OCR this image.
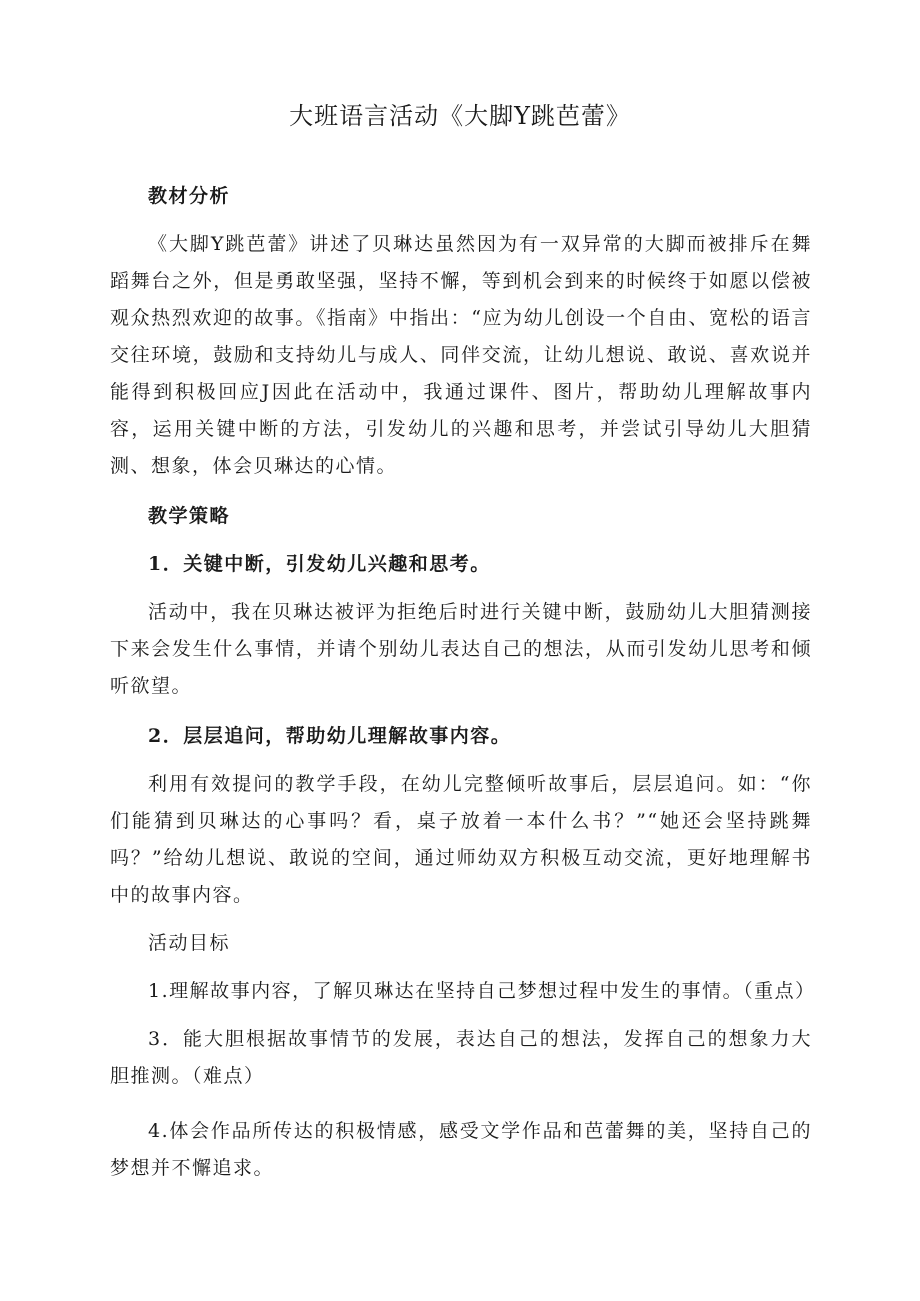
大班语言活动《大脚Y跳芭蕾》

教材分析

《大脚Y跳芭蕾》讲述了贝琳达虽然因为有一双异常的大脚而被排斥在舞蹈舞台之外，但是勇敢坚强，坚持不懈，等到机会到来的时候终于如愿以偿被观众热烈欢迎的故事。《指南》中指出：“应为幼儿创设一个自由、宽松的语言交往环境，鼓励和支持幼儿与成人、同伴交流，让幼儿想说、敢说、喜欢说并能得到积极回应J因此在活动中，我通过课件、图片，帮助幼儿理解故事内容，运用关键中断的方法，引发幼儿的兴趣和思考，并尝试引导幼儿大胆猜测、想象，体会贝琳达的心情。

教学策略

1．关键中断，引发幼儿兴趣和思考。

活动中，我在贝琳达被评为拒绝后时进行关键中断，鼓励幼儿大胆猜测接下来会发生什么事情，并请个别幼儿表达自己的想法，从而引发幼儿思考和倾听欲望。

2．层层追问，帮助幼儿理解故事内容。

利用有效提问的教学手段，在幼儿完整倾听故事后，层层追问。如：“你们能猜到贝琳达的心事吗？看，桌子放着一本什么书？”“她还会坚持跳舞吗？”给幼儿想说、敢说的空间，通过师幼双方积极互动交流，更好地理解书中的故事内容。

活动目标

1.理解故事内容，了解贝琳达在坚持自己梦想过程中发生的事情。（重点）

3．能大胆根据故事情节的发展，表达自己的想法，发挥自己的想象力大胆推测。（难点）

4.体会作品所传达的积极情感，感受文学作品和芭蕾舞的美，坚持自己的梦想并不懈追求。
